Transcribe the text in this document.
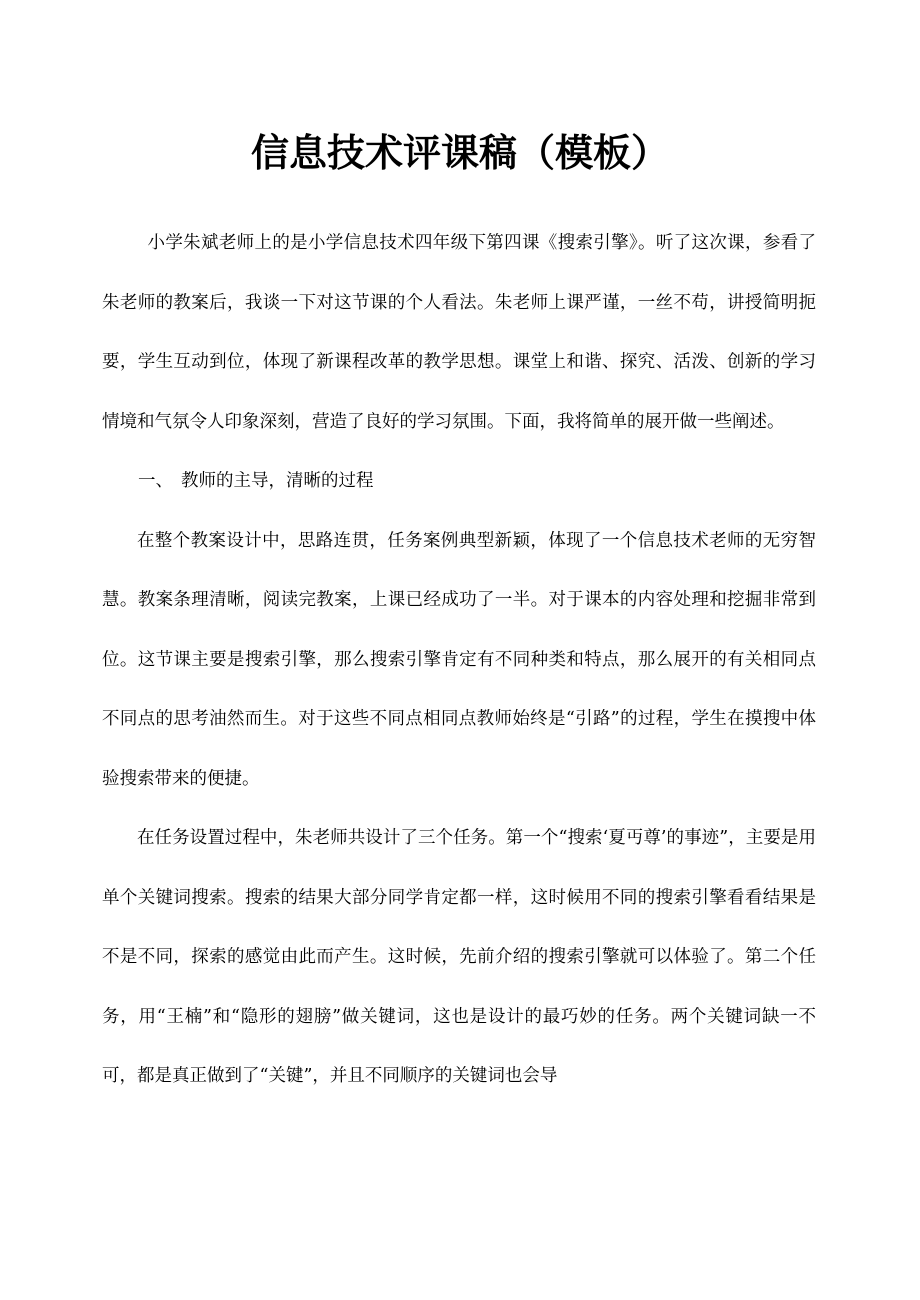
信息技术评课稿（模板）

小学朱斌老师上的是小学信息技术四年级下第四课《搜索引擎》。听了这次课，参看了朱老师的教案后，我谈一下对这节课的个人看法。朱老师上课严谨，一丝不苟，讲授简明扼要，学生互动到位，体现了新课程改革的教学思想。课堂上和谐、探究、活泼、创新的学习情境和气氛令人印象深刻，营造了良好的学习氛围。下面，我将简单的展开做一些阐述。

一、 教师的主导，清晰的过程

在整个教案设计中，思路连贯，任务案例典型新颖，体现了一个信息技术老师的无穷智慧。教案条理清晰，阅读完教案，上课已经成功了一半。对于课本的内容处理和挖掘非常到位。这节课主要是搜索引擎，那么搜索引擎肯定有不同种类和特点，那么展开的有关相同点不同点的思考油然而生。对于这些不同点相同点教师始终是“引路”的过程，学生在摸搜中体验搜索带来的便捷。

在任务设置过程中，朱老师共设计了三个任务。第一个“搜索‘夏丏尊’的事迹”，主要是用单个关键词搜索。搜索的结果大部分同学肯定都一样，这时候用不同的搜索引擎看看结果是不是不同，探索的感觉由此而产生。这时候，先前介绍的搜索引擎就可以体验了。第二个任务，用“王楠”和“隐形的翅膀”做关键词，这也是设计的最巧妙的任务。两个关键词缺一不可，都是真正做到了“关键”，并且不同顺序的关键词也会导
